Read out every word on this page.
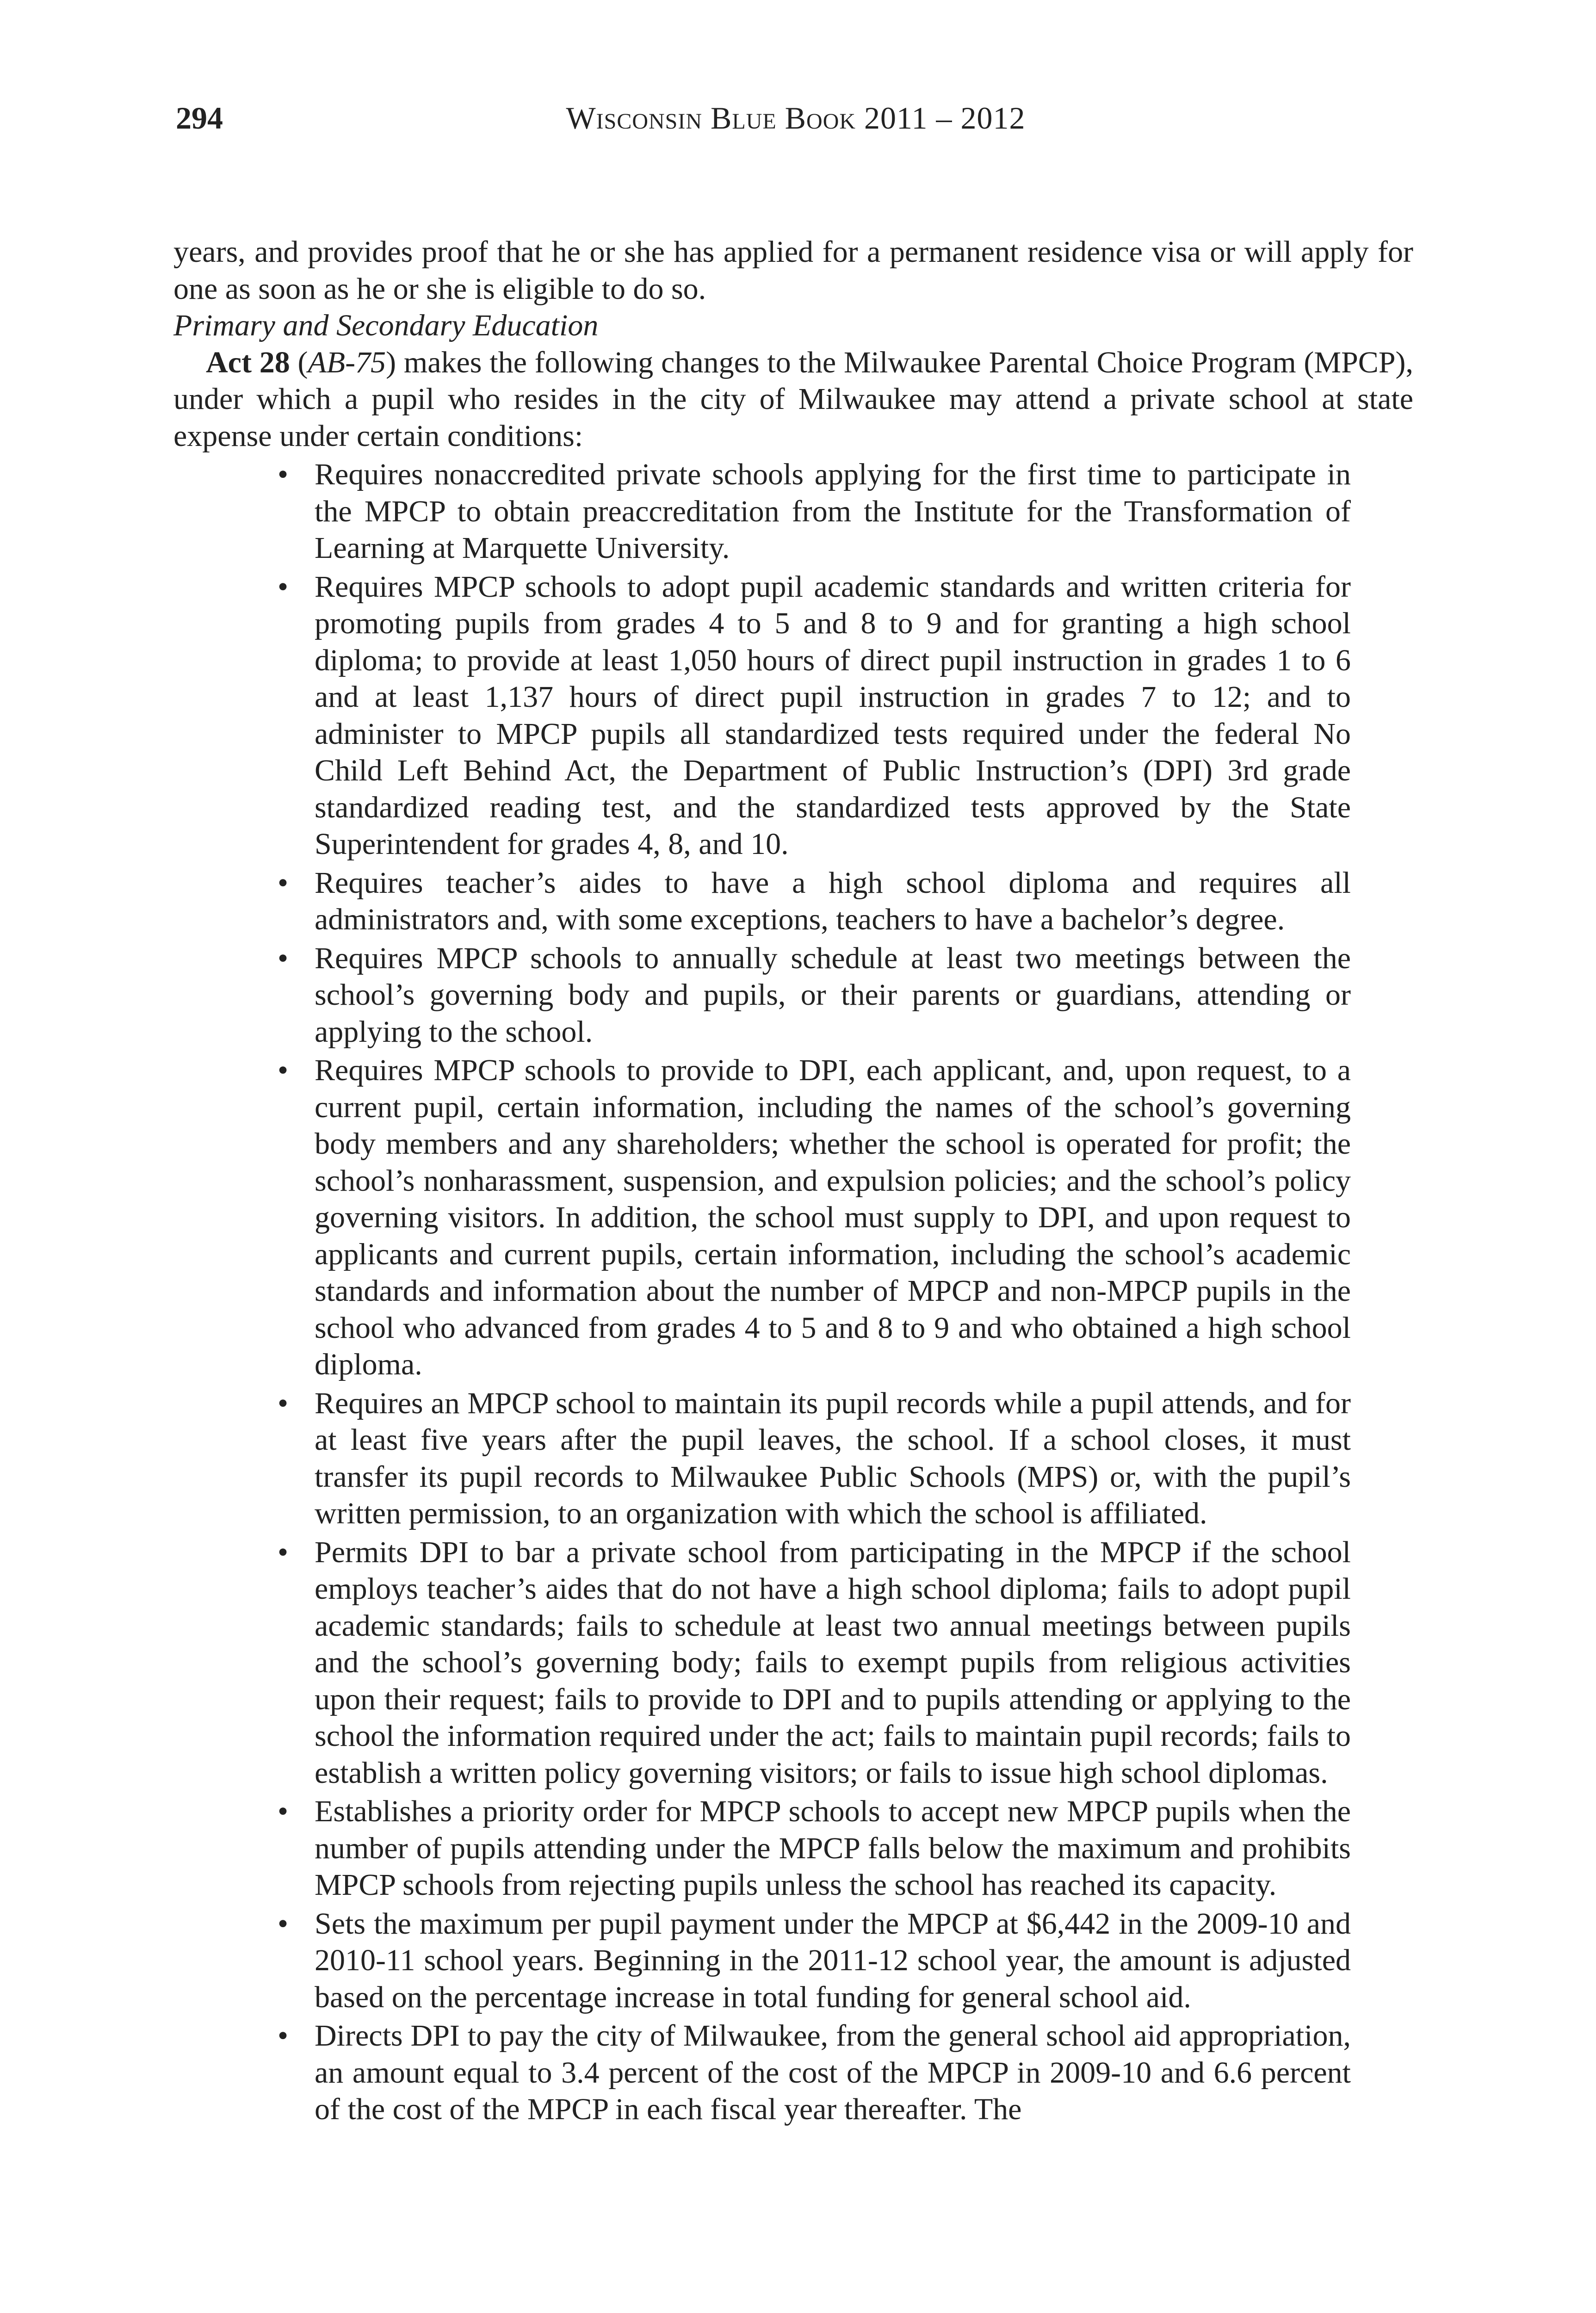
294	Wisconsin Blue Book 2011 – 2012

years, and provides proof that he or she has applied for a permanent residence visa or will apply for one as soon as he or she is eligible to do so.

Primary and Secondary Education

Act 28 (AB-75) makes the following changes to the Milwaukee Parental Choice Program (MPCP), under which a pupil who resides in the city of Milwaukee may attend a private school at state expense under certain conditions:

• Requires nonaccredited private schools applying for the first time to participate in the MPCP to obtain preaccreditation from the Institute for the Transformation of Learning at Marquette University.
• Requires MPCP schools to adopt pupil academic standards and written criteria for promoting pupils from grades 4 to 5 and 8 to 9 and for granting a high school diploma; to provide at least 1,050 hours of direct pupil instruction in grades 1 to 6 and at least 1,137 hours of direct pupil instruction in grades 7 to 12; and to administer to MPCP pupils all standardized tests required under the federal No Child Left Behind Act, the Department of Public Instruction’s (DPI) 3rd grade standardized reading test, and the standardized tests approved by the State Superintendent for grades 4, 8, and 10.
• Requires teacher’s aides to have a high school diploma and requires all administrators and, with some exceptions, teachers to have a bachelor’s degree.
• Requires MPCP schools to annually schedule at least two meetings between the school’s governing body and pupils, or their parents or guardians, attending or applying to the school.
• Requires MPCP schools to provide to DPI, each applicant, and, upon request, to a current pupil, certain information, including the names of the school’s governing body members and any shareholders; whether the school is operated for profit; the school’s nonharassment, suspension, and expulsion policies; and the school’s policy governing visitors. In addition, the school must supply to DPI, and upon request to applicants and current pupils, certain information, including the school’s academic standards and information about the number of MPCP and non-MPCP pupils in the school who advanced from grades 4 to 5 and 8 to 9 and who obtained a high school diploma.
• Requires an MPCP school to maintain its pupil records while a pupil attends, and for at least five years after the pupil leaves, the school. If a school closes, it must transfer its pupil records to Milwaukee Public Schools (MPS) or, with the pupil’s written permission, to an organization with which the school is affiliated.
• Permits DPI to bar a private school from participating in the MPCP if the school employs teacher’s aides that do not have a high school diploma; fails to adopt pupil academic standards; fails to schedule at least two annual meetings between pupils and the school’s governing body; fails to exempt pupils from religious activities upon their request; fails to provide to DPI and to pupils attending or applying to the school the information required under the act; fails to maintain pupil records; fails to establish a written policy governing visitors; or fails to issue high school diplomas.
• Establishes a priority order for MPCP schools to accept new MPCP pupils when the number of pupils attending under the MPCP falls below the maximum and prohibits MPCP schools from rejecting pupils unless the school has reached its capacity.
• Sets the maximum per pupil payment under the MPCP at $6,442 in the 2009-10 and 2010-11 school years. Beginning in the 2011-12 school year, the amount is adjusted based on the percentage increase in total funding for general school aid.
• Directs DPI to pay the city of Milwaukee, from the general school aid appropriation, an amount equal to 3.4 percent of the cost of the MPCP in 2009-10 and 6.6 percent of the cost of the MPCP in each fiscal year thereafter. The
